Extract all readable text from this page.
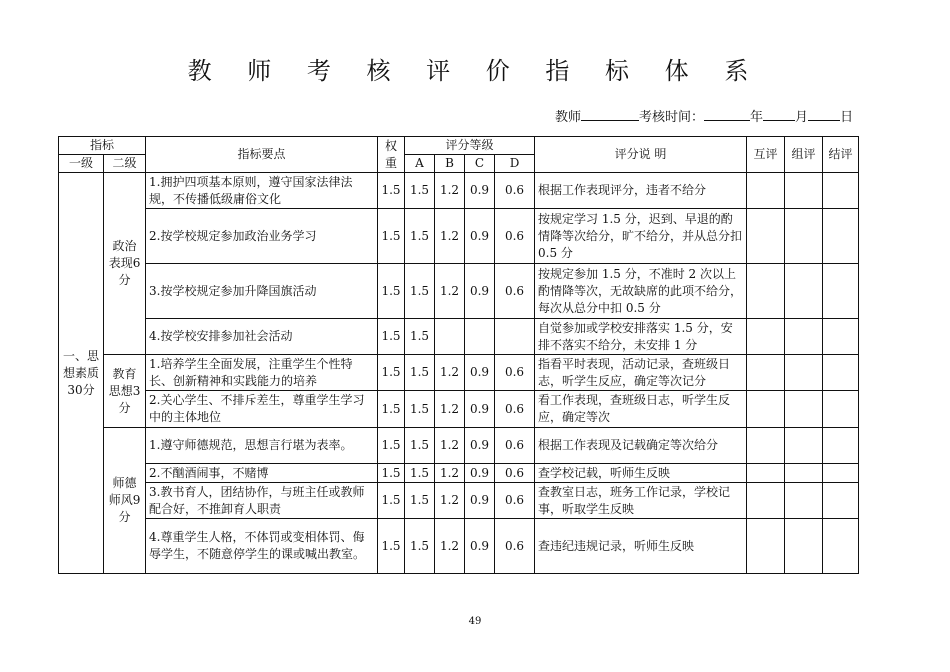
教 师 考 核 评 价 指 标 体 系
教师	考核时间：	年 月 日
指标		指标要点	权重	评分等级				评分说 明	互评	组评	结评
一级	二级			A	B	C	D				
一、思想素质30分	政治表现6分	1.拥护四项基本原则，遵守国家法律法规，不传播低级庸俗文化	1.5	1.5	1.2	0.9	0.6	根据工作表现评分，违者不给分			
		2.按学校规定参加政治业务学习	1.5	1.5	1.2	0.9	0.6	按规定学习 1.5 分，迟到、早退的酌情降等次给分，旷不给分，并从总分扣 0.5 分			
		3.按学校规定参加升降国旗活动	1.5	1.5	1.2	0.9	0.6	按规定参加 1.5 分，不准时 2 次以上酌情降等次，无故缺席的此项不给分，每次从总分中扣 0.5 分			
		4.按学校安排参加社会活动	1.5	1.5				自觉参加或学校安排落实 1.5 分，安排不落实不给分，未安排 1 分			
	教育思想3分	1.培养学生全面发展，注重学生个性特长、创新精神和实践能力的培养	1.5	1.5	1.2	0.9	0.6	指看平时表现，活动记录，查班级日志，听学生反应，确定等次记分			
		2.关心学生、不排斥差生，尊重学生学习中的主体地位	1.5	1.5	1.2	0.9	0.6	看工作表现，查班级日志，听学生反应，确定等次			
	师德师风9分	1.遵守师德规范，思想言行堪为表率。	1.5	1.5	1.2	0.9	0.6	根据工作表现及记载确定等次给分			
		2.不酗酒闹事，不赌博	1.5	1.5	1.2	0.9	0.6	查学校记载，听师生反映			
		3.教书育人，团结协作，与班主任或教师配合好，不推卸育人职责	1.5	1.5	1.2	0.9	0.6	查教室日志，班务工作记录，学校记事，听取学生反映			
		4.尊重学生人格，不体罚或变相体罚、侮辱学生，不随意停学生的课或喊出教室。	1.5	1.5	1.2	0.9	0.6	查违纪违规记录，听师生反映			
49
